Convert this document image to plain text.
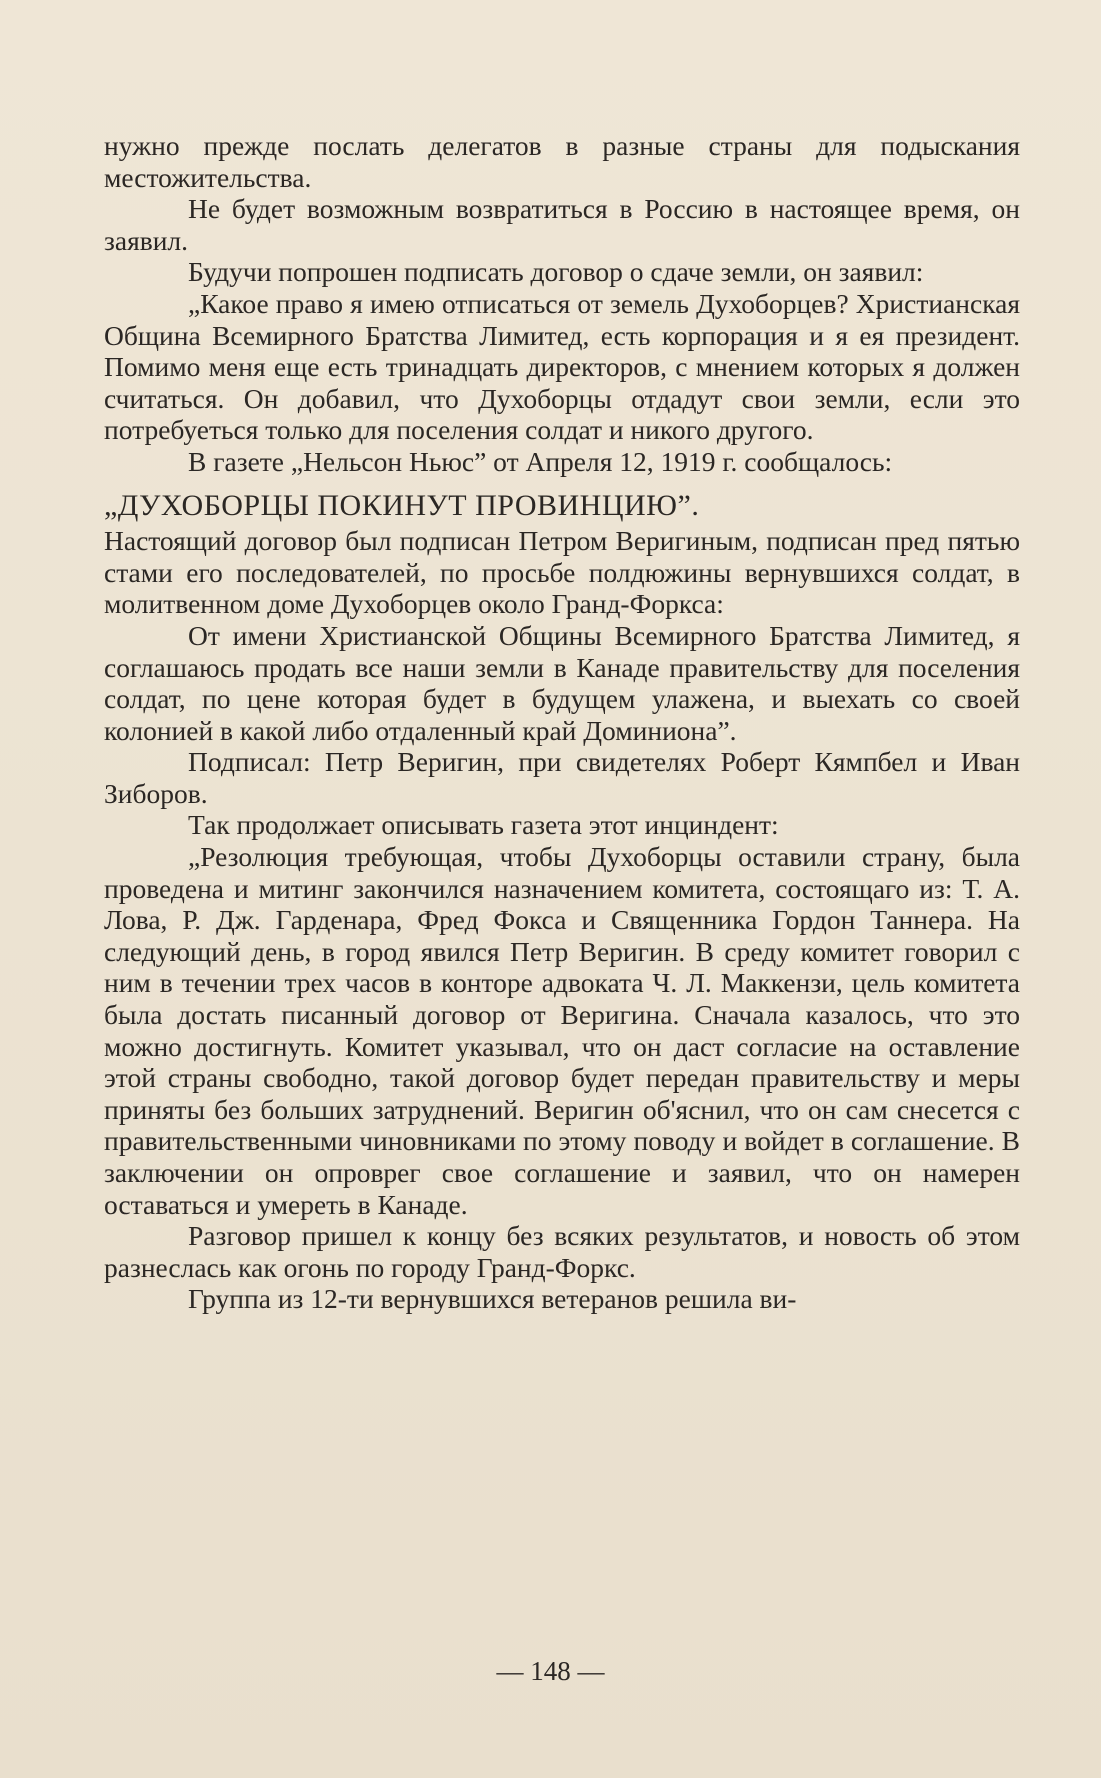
нужно прежде послать делегатов в разные страны для подыскания местожительства.

Не будет возможным возвратиться в Россию в настоящее время, он заявил.

Будучи попрошен подписать договор о сдаче земли, он заявил:

„Какое право я имею отписаться от земель Духоборцев? Христианская Община Всемирного Братства Лимитед, есть корпорация и я ея президент. Помимо меня еще есть тринадцать директоров, с мнением которых я должен считаться. Он добавил, что Духоборцы отдадут свои земли, если это потребуеться только для поселения солдат и никого другого.

В газете „Нельсон Ньюс” от Апреля 12, 1919 г. сообщалось:

„ДУХОБОРЦЫ ПОКИНУТ ПРОВИНЦИЮ”.

Настоящий договор был подписан Петром Веригиным, подписан пред пятью стами его последователей, по просьбе полдюжины вернувшихся солдат, в молитвенном доме Духоборцев около Гранд-Форкса:

От имени Христианской Общины Всемирного Братства Лимитед, я соглашаюсь продать все наши земли в Канаде правительству для поселения солдат, по цене которая будет в будущем улажена, и выехать со своей колонией в какой либо отдаленный край Доминиона”.

Подписал: Петр Веригин, при свидетелях Роберт Кямпбел и Иван Зиборов.

Так продолжает описывать газета этот инциндент:

„Резолюция требующая, чтобы Духоборцы оставили страну, была проведена и митинг закончился назначением комитета, состоящаго из: Т. А. Лова, Р. Дж. Гарденара, Фред Фокса и Священника Гордон Таннера. На следующий день, в город явился Петр Веригин. В среду комитет говорил с ним в течении трех часов в конторе адвоката Ч. Л. Маккензи, цель комитета была достать писанный договор от Веригина. Сначала казалось, что это можно достигнуть. Комитет указывал, что он даст согласие на оставление этой страны свободно, такой договор будет передан правительству и меры приняты без больших затруднений. Веригин об'яснил, что он сам снесется с правительственными чиновниками по этому поводу и войдет в соглашение. В заключении он опроврег свое соглашение и заявил, что он намерен оставаться и умереть в Канаде.

Разговор пришел к концу без всяких результатов, и новость об этом разнеслась как огонь по городу Гранд-Форкс.

Группа из 12-ти вернувшихся ветеранов решила ви-

— 148 —
